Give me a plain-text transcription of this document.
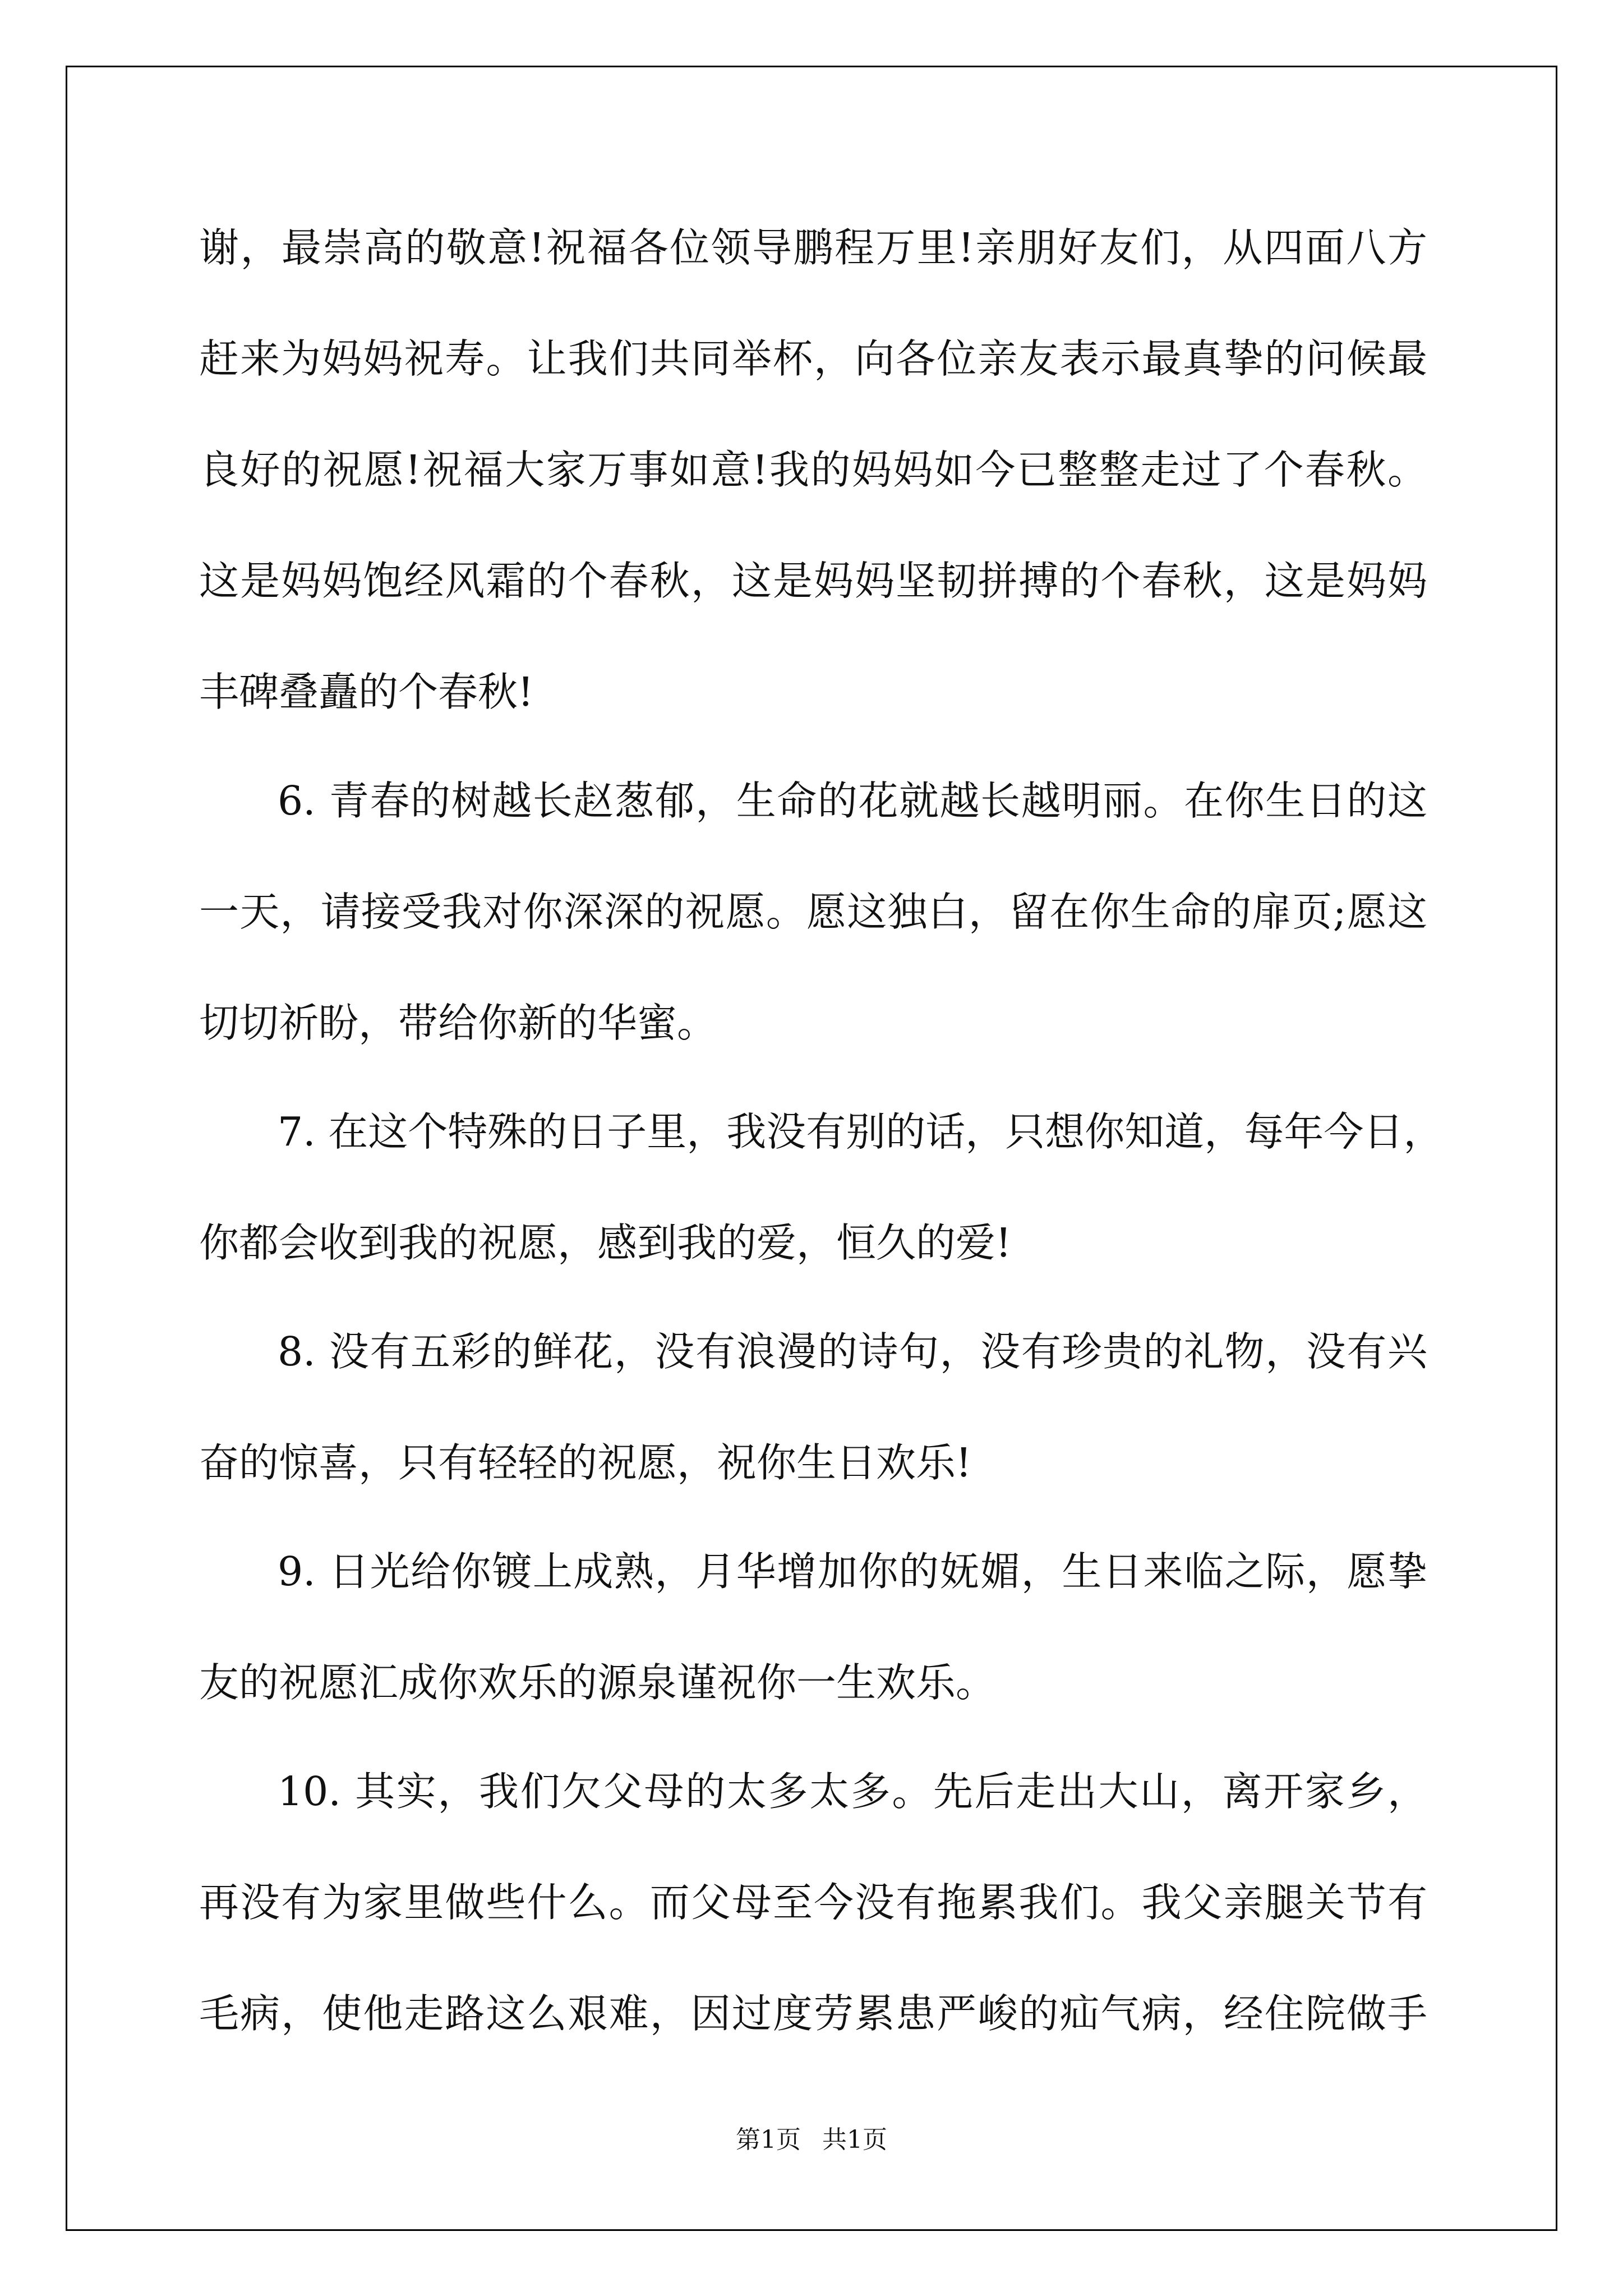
谢，最崇高的敬意!祝福各位领导鹏程万里!亲朋好友们，从四面八方

赶来为妈妈祝寿。让我们共同举杯，向各位亲友表示最真挚的问候最

良好的祝愿!祝福大家万事如意!我的妈妈如今已整整走过了个春秋。

这是妈妈饱经风霜的个春秋，这是妈妈坚韧拼搏的个春秋，这是妈妈

丰碑叠矗的个春秋!

6. 青春的树越长赵葱郁，生命的花就越长越明丽。在你生日的这

一天，请接受我对你深深的祝愿。愿这独白，留在你生命的扉页;愿这

切切祈盼，带给你新的华蜜。

7. 在这个特殊的日子里，我没有别的话，只想你知道，每年今日，

你都会收到我的祝愿，感到我的爱，恒久的爱!

8. 没有五彩的鲜花，没有浪漫的诗句，没有珍贵的礼物，没有兴

奋的惊喜，只有轻轻的祝愿，祝你生日欢乐!

9. 日光给你镀上成熟，月华增加你的妩媚，生日来临之际，愿挚

友的祝愿汇成你欢乐的源泉谨祝你一生欢乐。

10. 其实，我们欠父母的太多太多。先后走出大山，离开家乡，

再没有为家里做些什么。而父母至今没有拖累我们。我父亲腿关节有

毛病，使他走路这么艰难，因过度劳累患严峻的疝气病，经住院做手

第1页 共1页
